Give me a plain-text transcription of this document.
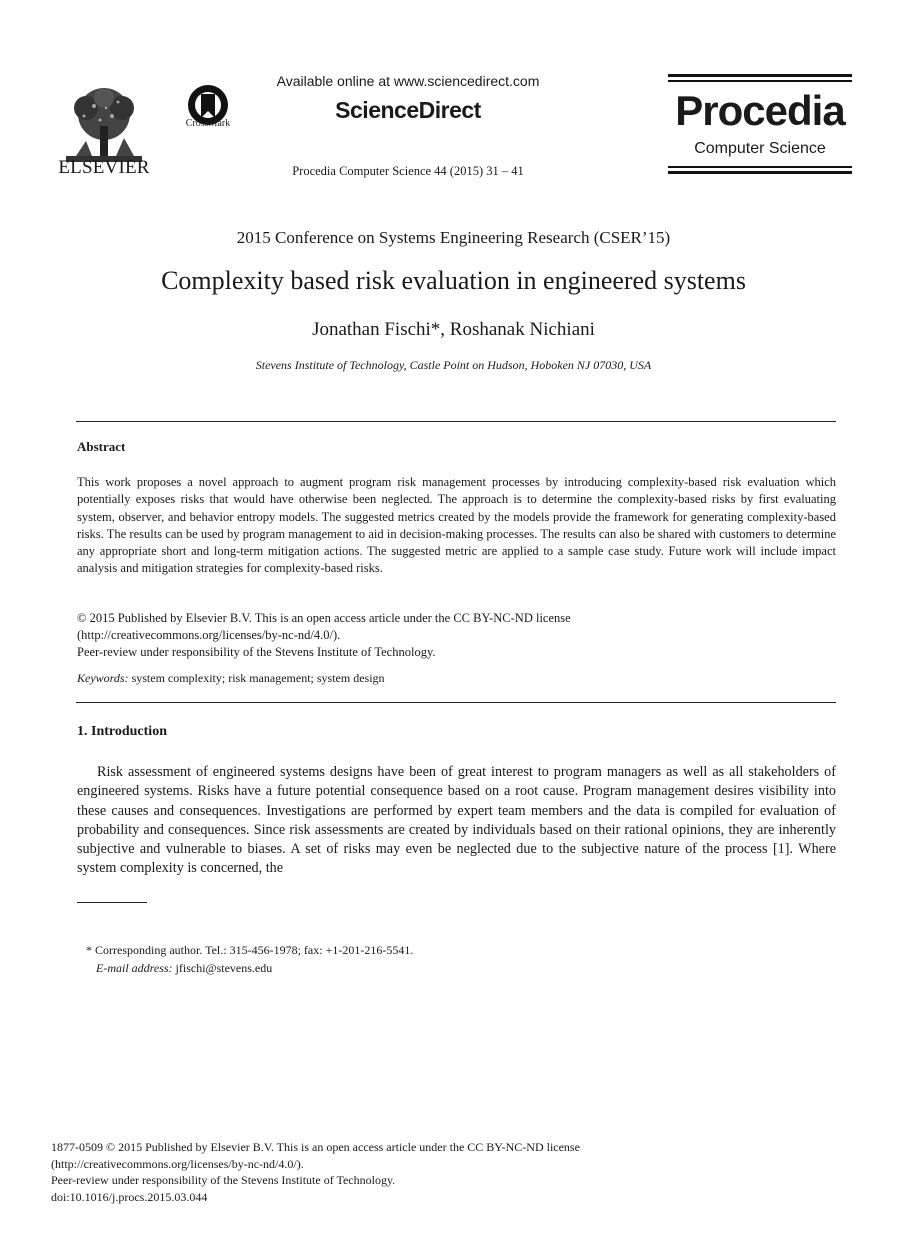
ELSEVIER
CrossMark
Available online at www.sciencedirect.com
ScienceDirect
Procedia Computer Science 44 (2015) 31 – 41
Procedia
Computer Science
2015 Conference on Systems Engineering Research (CSER’15)
Complexity based risk evaluation in engineered systems
Jonathan Fischi*, Roshanak Nichiani
Stevens Institute of Technology, Castle Point on Hudson, Hoboken NJ 07030, USA
Abstract
This work proposes a novel approach to augment program risk management processes by introducing complexity-based risk evaluation which potentially exposes risks that would have otherwise been neglected. The approach is to determine the complexity-based risks by first evaluating system, observer, and behavior entropy models. The suggested metrics created by the models provide the framework for generating complexity-based risks. The results can be used by program management to aid in decision-making processes. The results can also be shared with customers to determine any appropriate short and long-term mitigation actions. The suggested metric are applied to a sample case study. Future work will include impact analysis and mitigation strategies for complexity-based risks.
© 2015 Published by Elsevier B.V. This is an open access article under the CC BY-NC-ND license
(http://creativecommons.org/licenses/by-nc-nd/4.0/).
Peer-review under responsibility of the Stevens Institute of Technology.
Keywords: system complexity; risk management; system design
1. Introduction
Risk assessment of engineered systems designs have been of great interest to program managers as well as all stakeholders of engineered systems. Risks have a future potential consequence based on a root cause. Program management desires visibility into these causes and consequences. Investigations are performed by expert team members and the data is compiled for evaluation of probability and consequences. Since risk assessments are created by individuals based on their rational opinions, they are inherently subjective and vulnerable to biases. A set of risks may even be neglected due to the subjective nature of the process [1]. Where system complexity is concerned, the
* Corresponding author. Tel.: 315-456-1978; fax: +1-201-216-5541.
E-mail address: jfischi@stevens.edu
1877-0509 © 2015 Published by Elsevier B.V. This is an open access article under the CC BY-NC-ND license
(http://creativecommons.org/licenses/by-nc-nd/4.0/).
Peer-review under responsibility of the Stevens Institute of Technology.
doi:10.1016/j.procs.2015.03.044
